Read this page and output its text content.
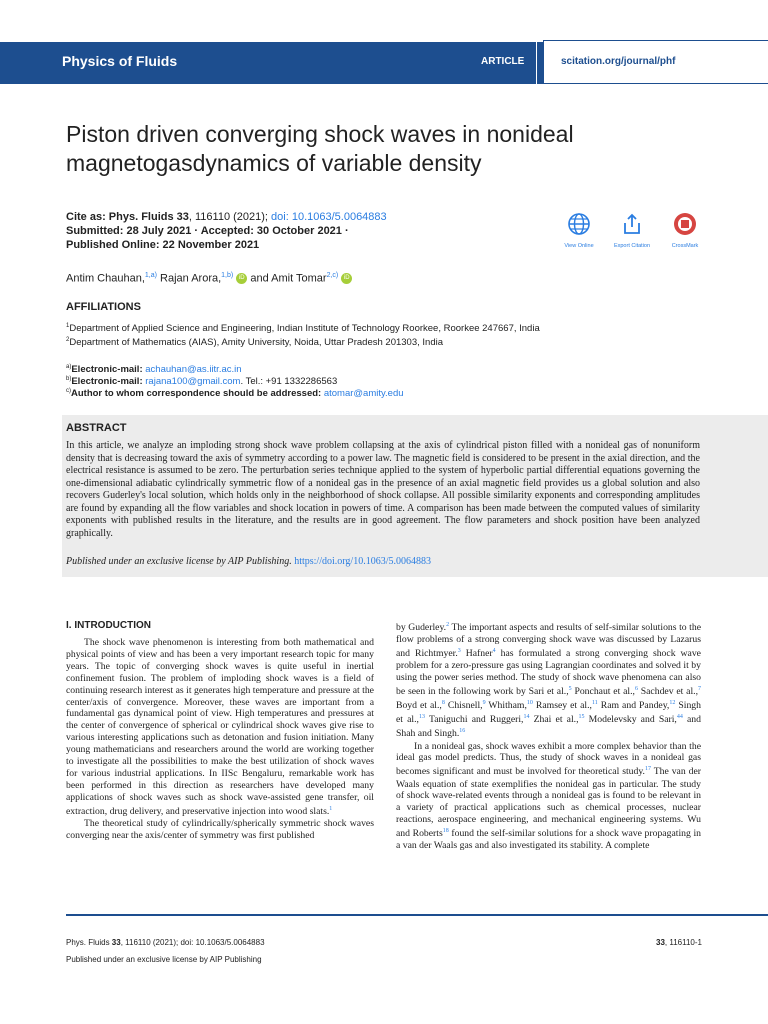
Physics of Fluids	ARTICLE	scitation.org/journal/phf
Piston driven converging shock waves in nonideal
magnetogasdynamics of variable density
Cite as: Phys. Fluids 33, 116110 (2021); doi: 10.1063/5.0064883
Submitted: 28 July 2021 · Accepted: 30 October 2021 ·
Published Online: 22 November 2021	View Online	Export Citation	CrossMark
Antim Chauhan,$^{1,a)}$ Rajan Arora,$^{1,b)}$ iD and Amit Tomar$^{2,c)}$ iD
AFFILIATIONS
$^1$Department of Applied Science and Engineering, Indian Institute of Technology Roorkee, Roorkee 247667, India
$^2$Department of Mathematics (AIAS), Amity University, Noida, Uttar Pradesh 201303, India
$^{a)}$Electronic-mail: achauhan@as.iitr.ac.in
$^{b)}$Electronic-mail: rajana100@gmail.com. Tel.: +91 1332286563
$^{c)}$Author to whom correspondence should be addressed: atomar@amity.edu
ABSTRACT
In this article, we analyze an imploding strong shock wave problem collapsing at the axis of cylindrical piston filled with a nonideal gas of nonuniform density that is decreasing toward the axis of symmetry according to a power law. The magnetic field is considered to be present in the axial direction, and the electrical resistance is assumed to be zero. The perturbation series technique applied to the system of hyperbolic partial differential equations governing the one-dimensional adiabatic cylindrically symmetric flow of a nonideal gas in the presence of an axial magnetic field provides us a global solution and also recovers Guderley's local solution, which holds only in the neighborhood of shock collapse. All possible similarity exponents and corresponding amplitudes are found by expanding all the flow variables and shock location in powers of time. A comparison has been made between the computed values of similarity exponents with published results in the literature, and the results are in good agreement. The flow parameters and shock position have been analyzed graphically.
Published under an exclusive license by AIP Publishing. https://doi.org/10.1063/5.0064883
I. INTRODUCTION

The shock wave phenomenon is interesting from both mathematical and physical points of view and has been a very important research topic for many years. The topic of converging shock waves is quite useful in inertial confinement fusion. The problem of imploding shock waves is a field of continuing research interest as it generates high temperature and pressure at the center/axis of convergence. Moreover, these waves are important from a fundamental gas dynamical point of view. High temperatures and pressures at the center of convergence of spherical or cylindrical shock waves give rise to various interesting applications such as detonation and fusion initiation. Many young mathematicians and researchers around the world are working together to investigate all the possibilities to make the best utilization of shock waves for various industrial applications. In IISc Bengaluru, remarkable work has been performed in this direction as researchers have developed many applications of shock waves such as shock wave-assisted gene transfer, oil extraction, drug delivery, and preservative injection into wood slats.$^1$

The theoretical study of cylindrically/spherically symmetric shock waves converging near the axis/center of symmetry was first published

by Guderley.$^2$ The important aspects and results of self-similar solutions to the flow problems of a strong converging shock wave was discussed by Lazarus and Richtmyer.$^3$ Hafner$^4$ has formulated a strong converging shock wave problem for a zero-pressure gas using Lagrangian coordinates and solved it by using the power series method. The study of shock wave phenomena can also be seen in the following work by Sari et al.,$^5$ Ponchaut et al.,$^6$ Sachdev et al.,$^7$ Boyd et al.,$^8$ Chisnell,$^9$ Whitham,$^{10}$ Ramsey et al.,$^{11}$ Ram and Pandey,$^{12}$ Singh et al.,$^{13}$ Taniguchi and Ruggeri,$^{14}$ Zhai et al.,$^{15}$ Modelevsky and Sari,$^{44}$ and Shah and Singh.$^{16}$

In a nonideal gas, shock waves exhibit a more complex behavior than the ideal gas model predicts. Thus, the study of shock waves in a nonideal gas becomes significant and must be involved for theoretical study.$^{17}$ The van der Waals equation of state exemplifies the nonideal gas in particular. The study of shock wave-related events through a nonideal gas is found to be relevant in a variety of practical applications such as chemical processes, nuclear reactions, aerospace engineering, and mechanical engineering systems. Wu and Roberts$^{18}$ found the self-similar solutions for a shock wave propagating in a van der Waals gas and also investigated its stability. A complete

Phys. Fluids 33, 116110 (2021); doi: 10.1063/5.0064883
Published under an exclusive license by AIP Publishing
33, 116110-1
